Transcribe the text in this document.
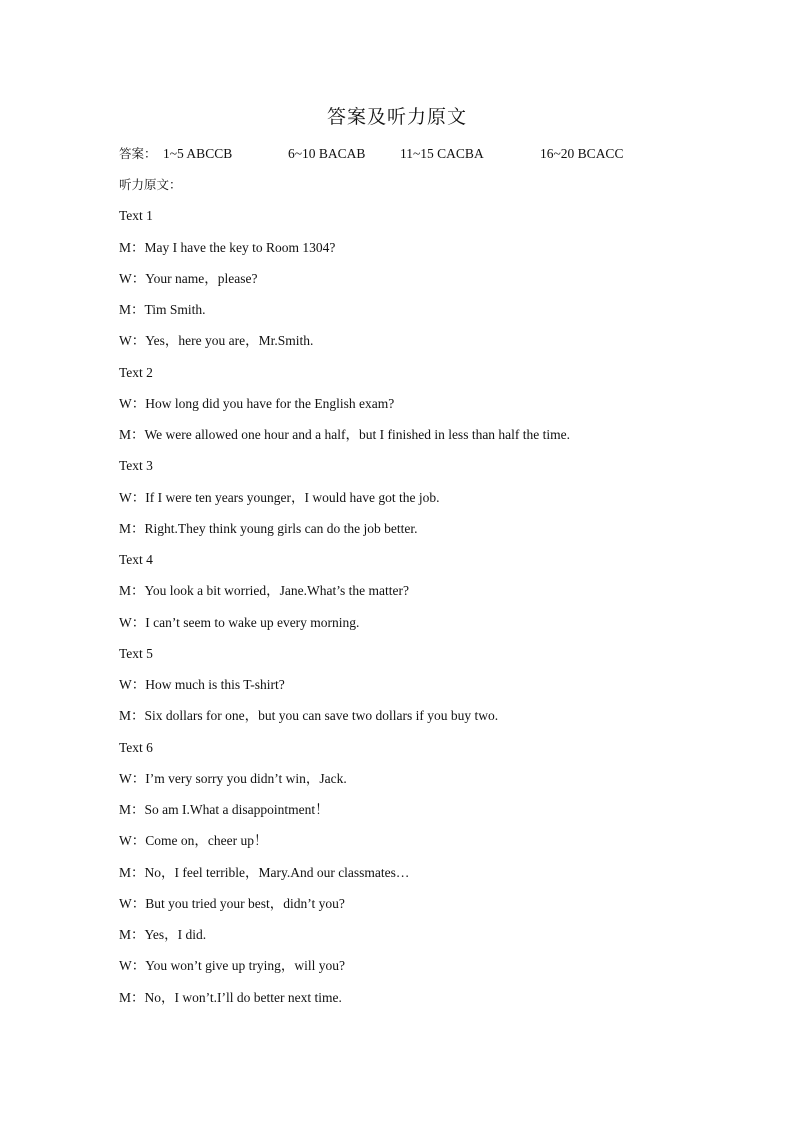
答案及听力原文
答案： 1~5 ABCCB	6~10 BACAB	11~15 CACBA	16~20 BCACC
听力原文：
Text 1
M：May I have the key to Room 1304?
W：Your name，please?
M：Tim Smith.
W：Yes，here you are，Mr.Smith.
Text 2
W：How long did you have for the English exam?
M：We were allowed one hour and a half，but I finished in less than half the time.
Text 3
W：If I were ten years younger，I would have got the job.
M：Right.They think young girls can do the job better.
Text 4
M：You look a bit worried，Jane.What’s the matter?
W：I can’t seem to wake up every morning.
Text 5
W：How much is this T-shirt?
M：Six dollars for one，but you can save two dollars if you buy two.
Text 6
W：I’m very sorry you didn’t win，Jack.
M：So am I.What a disappointment！
W：Come on，cheer up！
M：No，I feel terrible，Mary.And our classmates…
W：But you tried your best，didn’t you?
M：Yes，I did.
W：You won’t give up trying，will you?
M：No，I won’t.I’ll do better next time.
